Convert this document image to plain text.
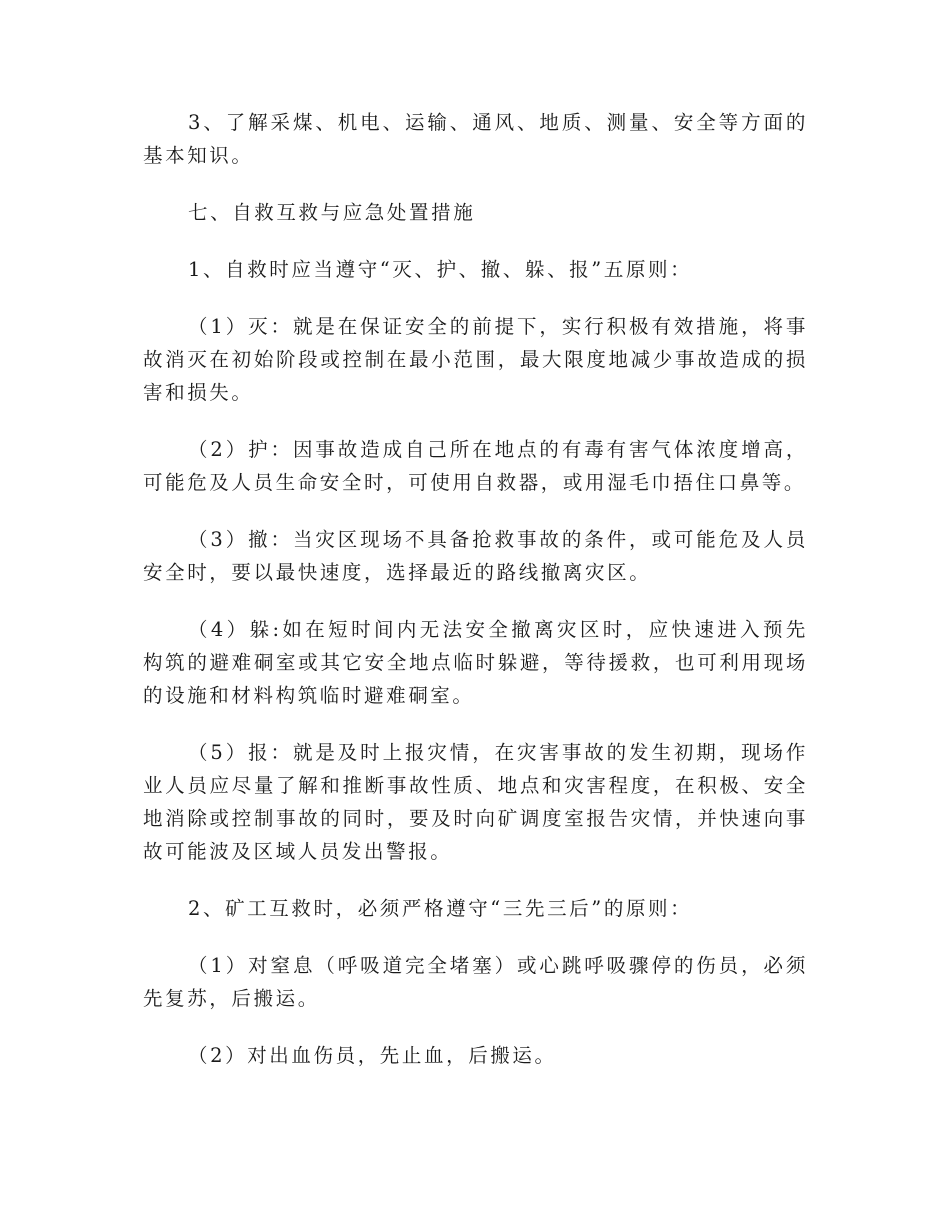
3、了解采煤、机电、运输、通风、地质、测量、安全等方面的基本知识。

七、自救互救与应急处置措施

1、自救时应当遵守“灭、护、撤、躲、报”五原则：

（1）灭：就是在保证安全的前提下，实行积极有效措施，将事故消灭在初始阶段或控制在最小范围，最大限度地减少事故造成的损害和损失。

（2）护：因事故造成自己所在地点的有毒有害气体浓度增高，可能危及人员生命安全时，可使用自救器，或用湿毛巾捂住口鼻等。

（3）撤：当灾区现场不具备抢救事故的条件，或可能危及人员安全时，要以最快速度，选择最近的路线撤离灾区。

（4）躲:如在短时间内无法安全撤离灾区时，应快速进入预先构筑的避难硐室或其它安全地点临时躲避，等待援救，也可利用现场的设施和材料构筑临时避难硐室。

（5）报：就是及时上报灾情，在灾害事故的发生初期，现场作业人员应尽量了解和推断事故性质、地点和灾害程度，在积极、安全地消除或控制事故的同时，要及时向矿调度室报告灾情，并快速向事故可能波及区域人员发出警报。

2、矿工互救时，必须严格遵守“三先三后”的原则：

（1）对窒息（呼吸道完全堵塞）或心跳呼吸骤停的伤员，必须先复苏，后搬运。

（2）对出血伤员，先止血，后搬运。
